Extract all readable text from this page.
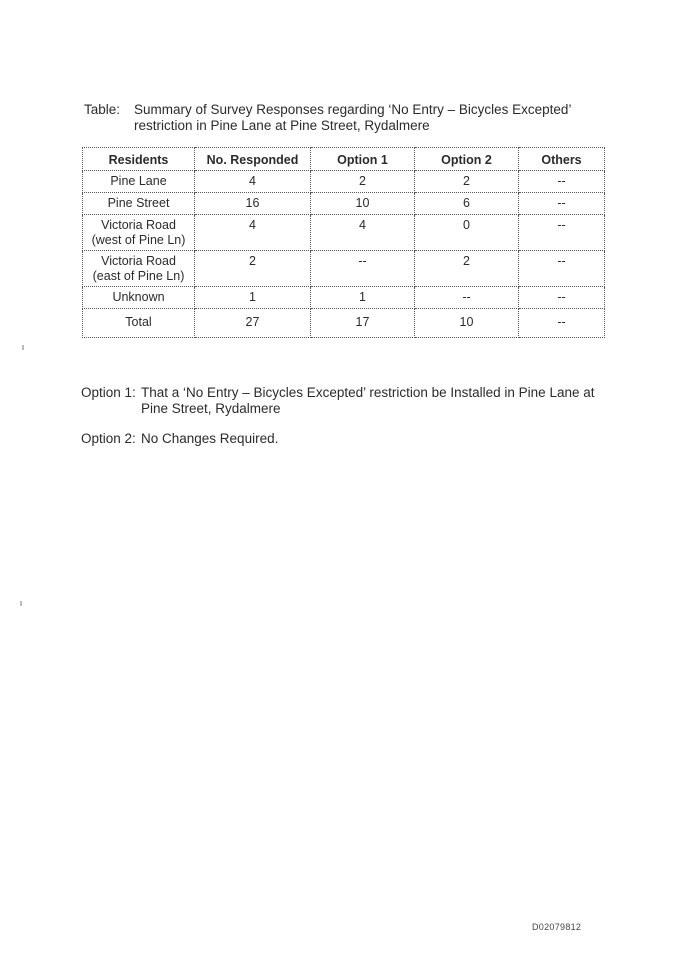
Table:	Summary of Survey Responses regarding ‘No Entry – Bicycles Excepted’ restriction in Pine Lane at Pine Street, Rydalmere
Residents	No. Responded	Option 1	Option 2	Others
Pine Lane	4	2	2	--
Pine Street	16	10	6	--
Victoria Road (west of Pine Ln)	4	4	0	--
Victoria Road (east of Pine Ln)	2	--	2	--
Unknown	1	1	--	--
Total	27	17	10	--
Option 1: That a ‘No Entry – Bicycles Excepted’ restriction be Installed in Pine Lane at Pine Street, Rydalmere
Option 2: No Changes Required.
D02079812
